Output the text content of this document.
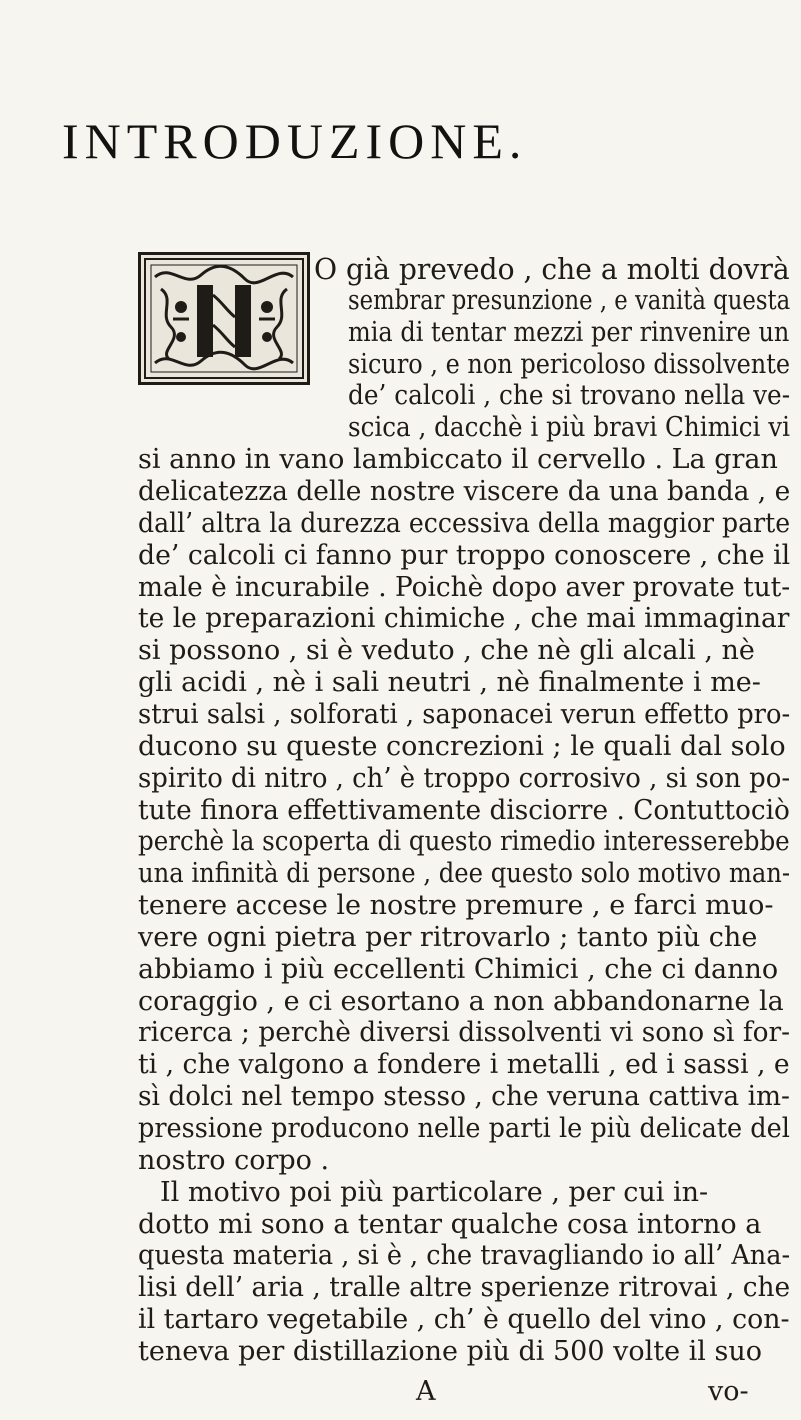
INTRODUZIONE.
O già prevedo , che a molti dovrà
sembrar presunzione , e vanità questa
mia di tentar mezzi per rinvenire un
sicuro , e non pericoloso dissolvente
de’ calcoli , che si trovano nella ve-
scica , dacchè i più bravi Chimici vi
si anno in vano lambiccato il cervello . La gran
delicatezza delle nostre viscere da una banda , e
dall’ altra la durezza eccessiva della maggior parte
de’ calcoli ci fanno pur troppo conoscere , che il
male è incurabile . Poichè dopo aver provate tut-
te le preparazioni chimiche , che mai immaginar
si possono , si è veduto , che nè gli alcali , nè
gli acidi , nè i sali neutri , nè finalmente i me-
strui salsi , solforati , saponacei verun effetto pro-
ducono su queste concrezioni ; le quali dal solo
spirito di nitro , ch’ è troppo corrosivo , si son po-
tute finora effettivamente disciorre . Contuttociò
perchè la scoperta di questo rimedio interesserebbe
una infinità di persone , dee questo solo motivo man-
tenere accese le nostre premure , e farci muo-
vere ogni pietra per ritrovarlo ; tanto più che
abbiamo i più eccellenti Chimici , che ci danno
coraggio , e ci esortano a non abbandonarne la
ricerca ; perchè diversi dissolventi vi sono sì for-
ti , che valgono a fondere i metalli , ed i sassi , e
sì dolci nel tempo stesso , che veruna cattiva im-
pressione producono nelle parti le più delicate del
nostro corpo .
Il motivo poi più particolare , per cui in-
dotto mi sono a tentar qualche cosa intorno a
questa materia , si è , che travagliando io all’ Ana-
lisi dell’ aria , tralle altre sperienze ritrovai , che
il tartaro vegetabile , ch’ è quello del vino , con-
teneva per distillazione più di 500 volte il suo
A	vo-
